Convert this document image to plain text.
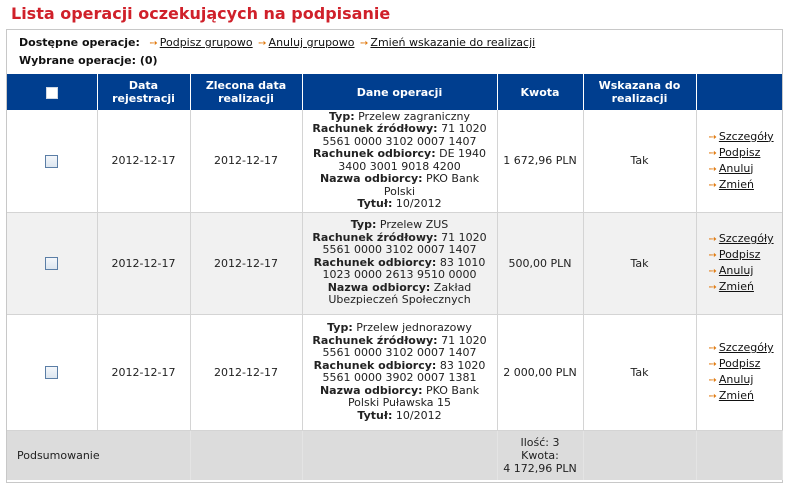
Lista operacji oczekujących na podpisanie
Dostępne operacje: ➙ Podpisz grupowo ➙ Anuluj grupowo ➙ Zmień wskazanie do realizacji
Wybrane operacje: (0)
	Data rejestracji	Zlecona data realizacji	Dane operacji	Kwota	Wskazana do realizacji	
	2012-12-17	2012-12-17	Typ: Przelew zagraniczny
Rachunek źródłowy: 71 1020 5561 0000 3102 0007 1407
Rachunek odbiorcy: DE 1940 3400 3001 9018 4200
Nazwa odbiorcy: PKO Bank Polski
Tytuł: 10/2012	1 672,96 PLN	Tak	➙ Szczegóły
➙ Podpisz
➙ Anuluj
➙ Zmień
	2012-12-17	2012-12-17	Typ: Przelew ZUS
Rachunek źródłowy: 71 1020 5561 0000 3102 0007 1407
Rachunek odbiorcy: 83 1010 1023 0000 2613 9510 0000
Nazwa odbiorcy: Zakład Ubezpieczeń Społecznych	500,00 PLN	Tak	➙ Szczegóły
➙ Podpisz
➙ Anuluj
➙ Zmień
	2012-12-17	2012-12-17	Typ: Przelew jednorazowy
Rachunek źródłowy: 71 1020 5561 0000 3102 0007 1407
Rachunek odbiorcy: 83 1020 5561 0000 3902 0007 1381
Nazwa odbiorcy: PKO Bank Polski Puławska 15
Tytuł: 10/2012	2 000,00 PLN	Tak	➙ Szczegóły
➙ Podpisz
➙ Anuluj
➙ Zmień
Podsumowanie				Ilość: 3
Kwota:
4 172,96 PLN		
